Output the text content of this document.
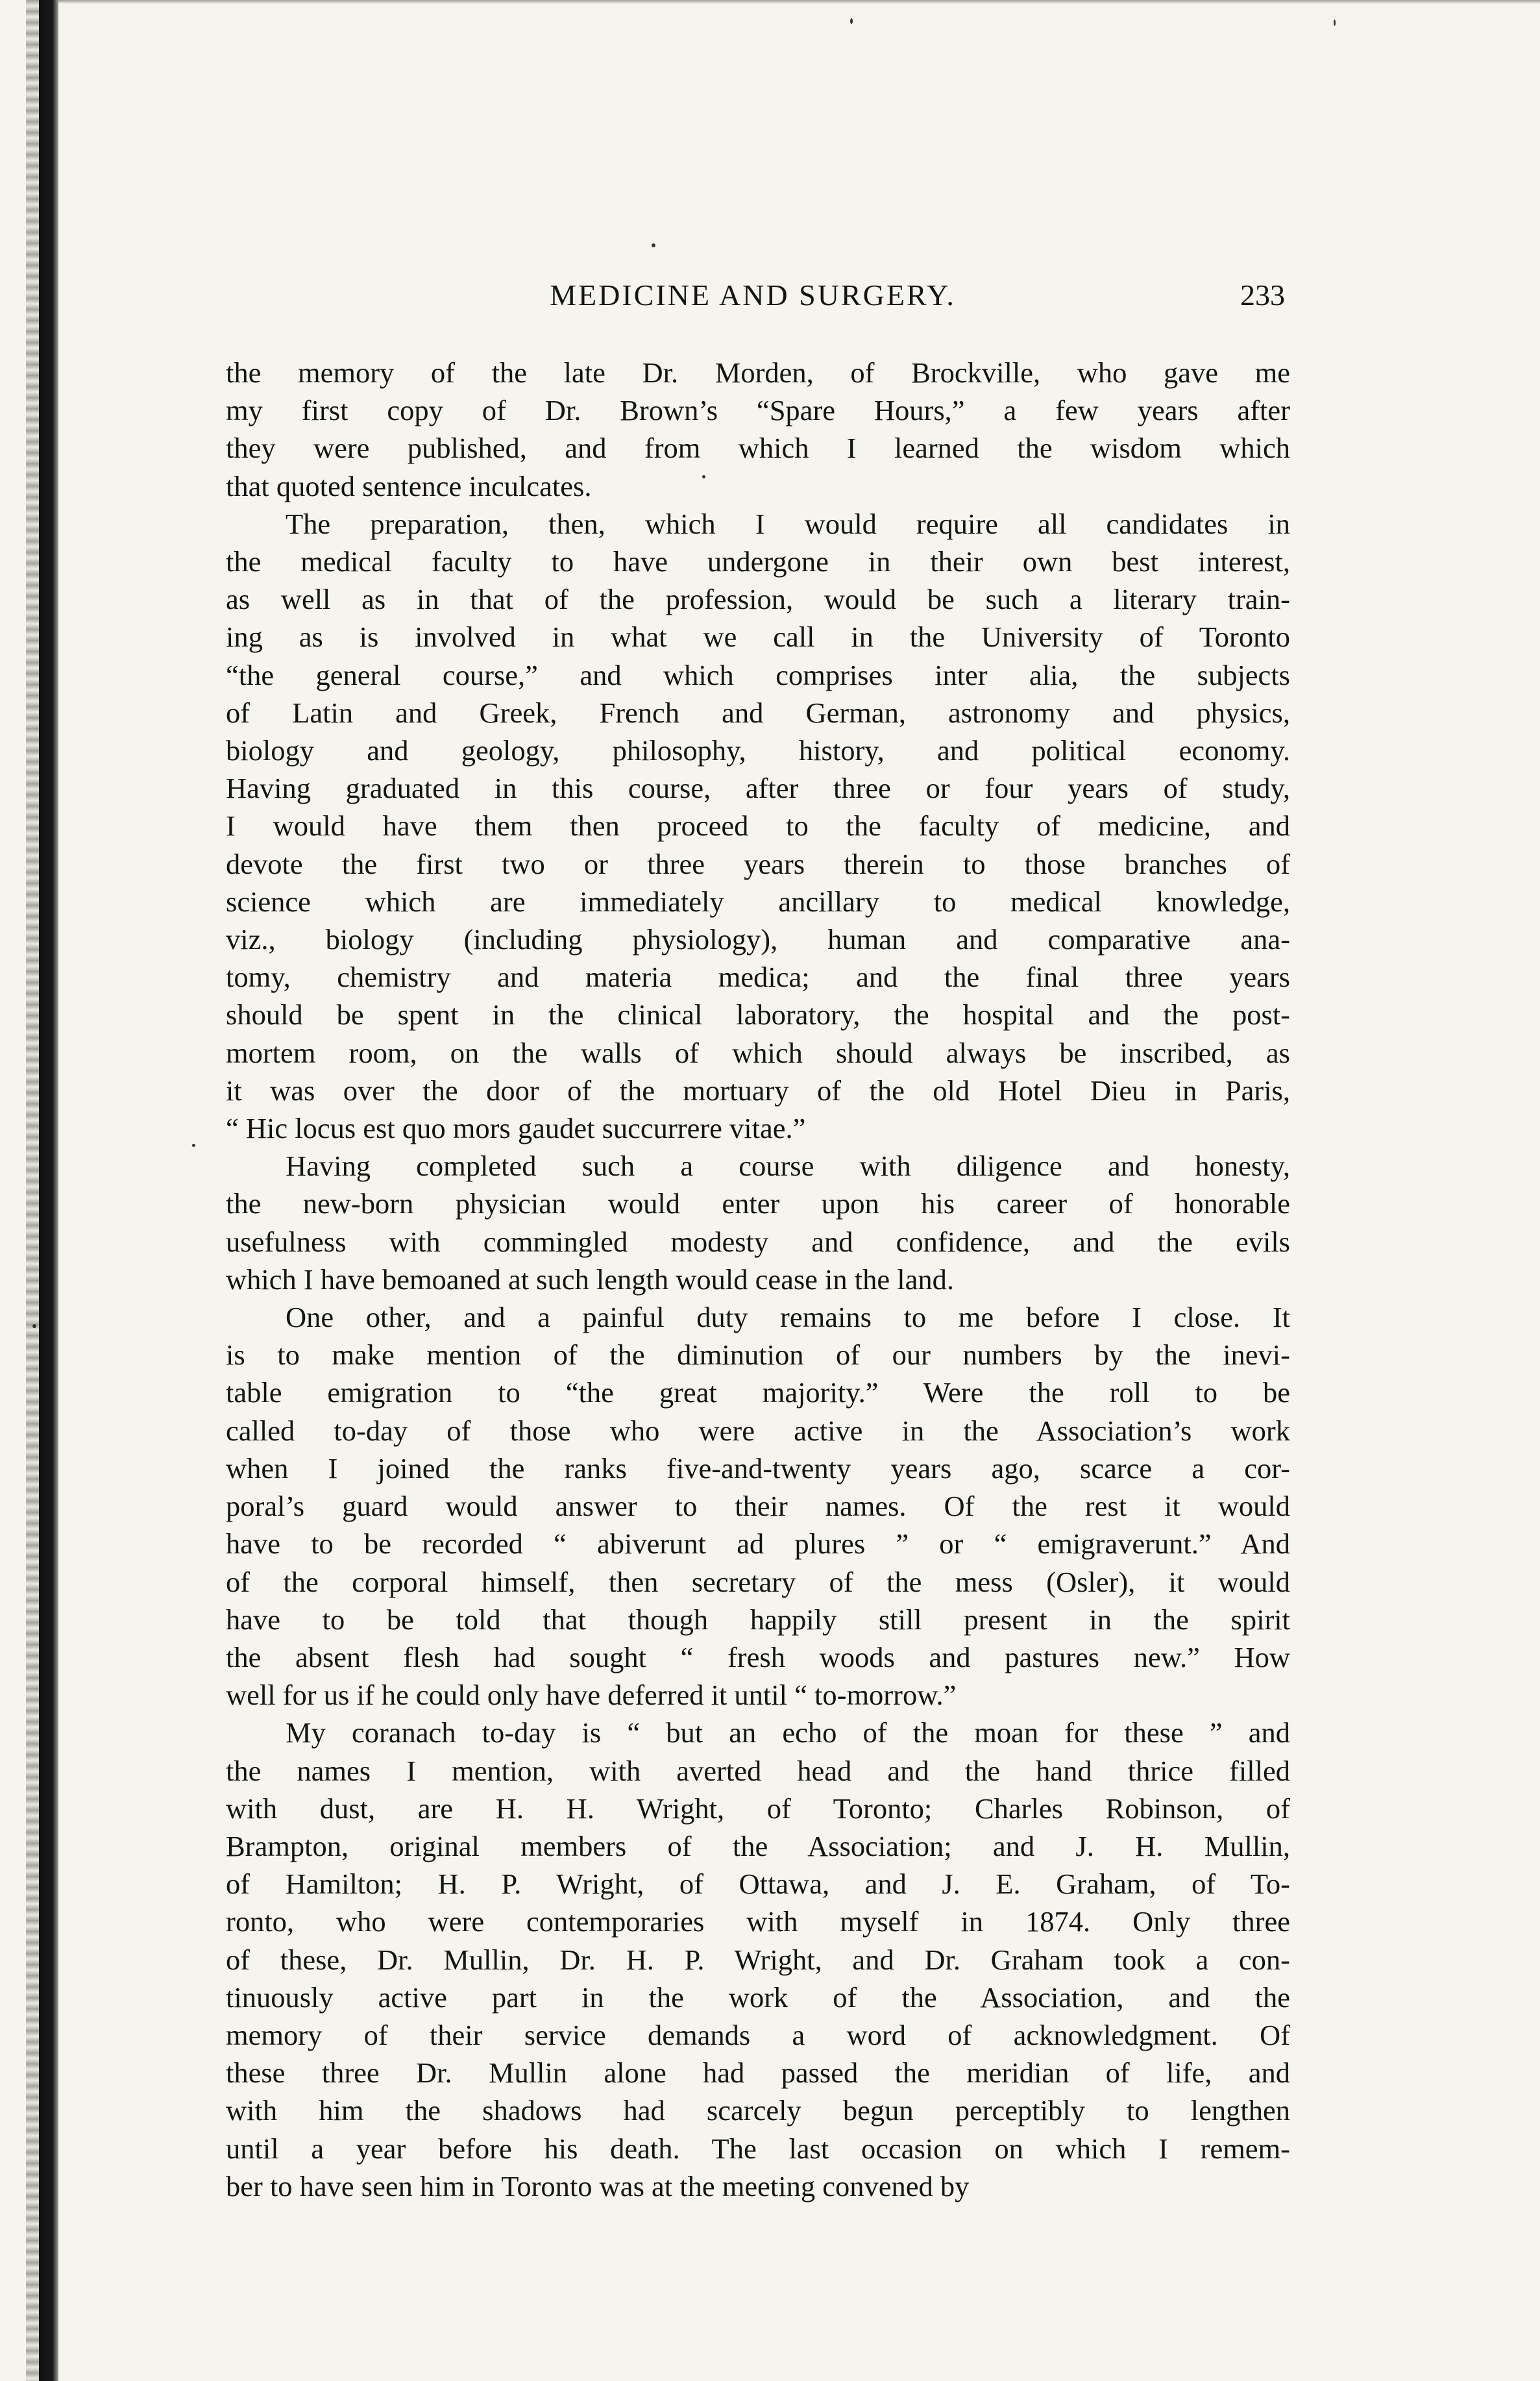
MEDICINE AND SURGERY.	233

the memory of the late Dr. Morden, of Brockville, who gave me
my first copy of Dr. Brown’s “Spare Hours,” a few years after
they were published, and from which I learned the wisdom which
that quoted sentence inculcates.

The preparation, then, which I would require all candidates in
the medical faculty to have undergone in their own best interest,
as well as in that of the profession, would be such a literary train-
ing as is involved in what we call in the University of Toronto
“the general course,” and which comprises inter alia, the subjects
of Latin and Greek, French and German, astronomy and physics,
biology and geology, philosophy, history, and political economy.
Having graduated in this course, after three or four years of study,
I would have them then proceed to the faculty of medicine, and
devote the first two or three years therein to those branches of
science which are immediately ancillary to medical knowledge,
viz., biology (including physiology), human and comparative ana-
tomy, chemistry and materia medica; and the final three years
should be spent in the clinical laboratory, the hospital and the post-
mortem room, on the walls of which should always be inscribed, as
it was over the door of the mortuary of the old Hotel Dieu in Paris,
“ Hic locus est quo mors gaudet succurrere vitae.”

Having completed such a course with diligence and honesty,
the new-born physician would enter upon his career of honorable
usefulness with commingled modesty and confidence, and the evils
which I have bemoaned at such length would cease in the land.

One other, and a painful duty remains to me before I close. It
is to make mention of the diminution of our numbers by the inevi-
table emigration to “the great majority.” Were the roll to be
called to-day of those who were active in the Association’s work
when I joined the ranks five-and-twenty years ago, scarce a cor-
poral’s guard would answer to their names. Of the rest it would
have to be recorded “ abiverunt ad plures ” or “ emigraverunt.” And
of the corporal himself, then secretary of the mess (Osler), it would
have to be told that though happily still present in the spirit
the absent flesh had sought “ fresh woods and pastures new.” How
well for us if he could only have deferred it until “ to-morrow.”

My coranach to-day is “ but an echo of the moan for these ” and
the names I mention, with averted head and the hand thrice filled
with dust, are H. H. Wright, of Toronto; Charles Robinson, of
Brampton, original members of the Association; and J. H. Mullin,
of Hamilton; H. P. Wright, of Ottawa, and J. E. Graham, of To-
ronto, who were contemporaries with myself in 1874. Only three
of these, Dr. Mullin, Dr. H. P. Wright, and Dr. Graham took a con-
tinuously active part in the work of the Association, and the
memory of their service demands a word of acknowledgment. Of
these three Dr. Mullin alone had passed the meridian of life, and
with him the shadows had scarcely begun perceptibly to lengthen
until a year before his death. The last occasion on which I remem-
ber to have seen him in Toronto was at the meeting convened by
